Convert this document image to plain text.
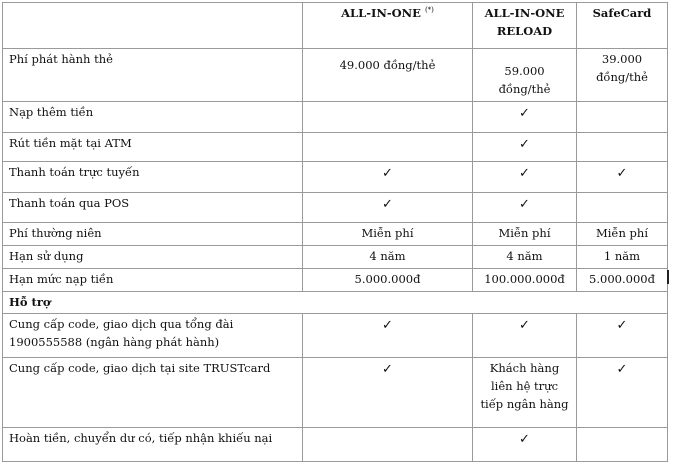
	ALL-IN-ONE (*)	ALL-IN-ONE RELOAD	SafeCard
Phí phát hành thẻ	49.000 đồng/thẻ	59.000 đồng/thẻ	39.000 đồng/thẻ
Nạp thêm tiền		✓	
Rút tiền mặt tại ATM		✓	
Thanh toán trực tuyến	✓	✓	✓
Thanh toán qua POS	✓	✓	
Phí thường niên	Miễn phí	Miễn phí	Miễn phí
Hạn sử dụng	4 năm	4 năm	1 năm
Hạn mức nạp tiền	5.000.000đ	100.000.000đ	5.000.000đ
Hỗ trợ			
Cung cấp code, giao dịch qua tổng đài 1900555588 (ngân hàng phát hành)	✓	✓	✓
Cung cấp code, giao dịch tại site TRUSTcard	✓	Khách hàng liên hệ trực tiếp ngân hàng	✓
Hoàn tiền, chuyển dư có, tiếp nhận khiếu nại		✓	
